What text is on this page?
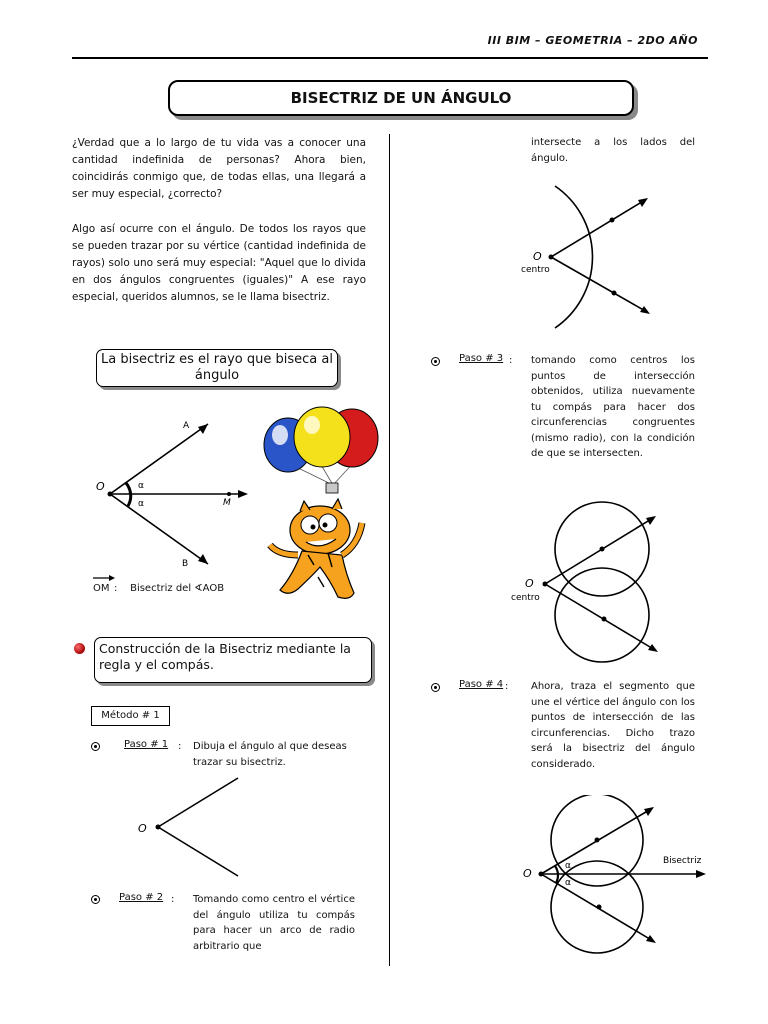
III BIM – GEOMETRIA – 2DO AÑO
BISECTRIZ DE UN ÁNGULO
¿Verdad que a lo largo de tu vida vas a conocer una cantidad indefinida de personas? Ahora bien, coincidirás conmigo que, de todas ellas, una llegará a ser muy especial, ¿correcto?
Algo así ocurre con el ángulo. De todos los rayos que se pueden trazar por su vértice (cantidad indefinida de rayos) solo uno será muy especial: "Aquel que lo divida en dos ángulos congruentes (iguales)" A ese rayo especial, queridos alumnos, se le llama bisectriz.
La bisectriz es el rayo que biseca al ángulo
O
A
M
B
α
α
OM :    Bisectriz del ∢AOB
Construcción de la Bisectriz mediante la regla y el compás.
Método # 1
Paso # 1 : Dibuja el ángulo al que deseas trazar su bisectriz.
O
Paso # 2 : Tomando como centro el vértice del ángulo utiliza tu compás para hacer un arco de radio arbitrario que
intersecte a los lados del ángulo.
O
centro
Paso # 3 : tomando como centros los puntos de intersección obtenidos, utiliza nuevamente tu compás para hacer dos circunferencias congruentes (mismo radio), con la condición de que se intersecten.
O
centro
Paso # 4 : Ahora, traza el segmento que une el vértice del ángulo con los puntos de intersección de las circunferencias. Dicho trazo será la bisectriz del ángulo considerado.
O
α
α
Bisectriz
